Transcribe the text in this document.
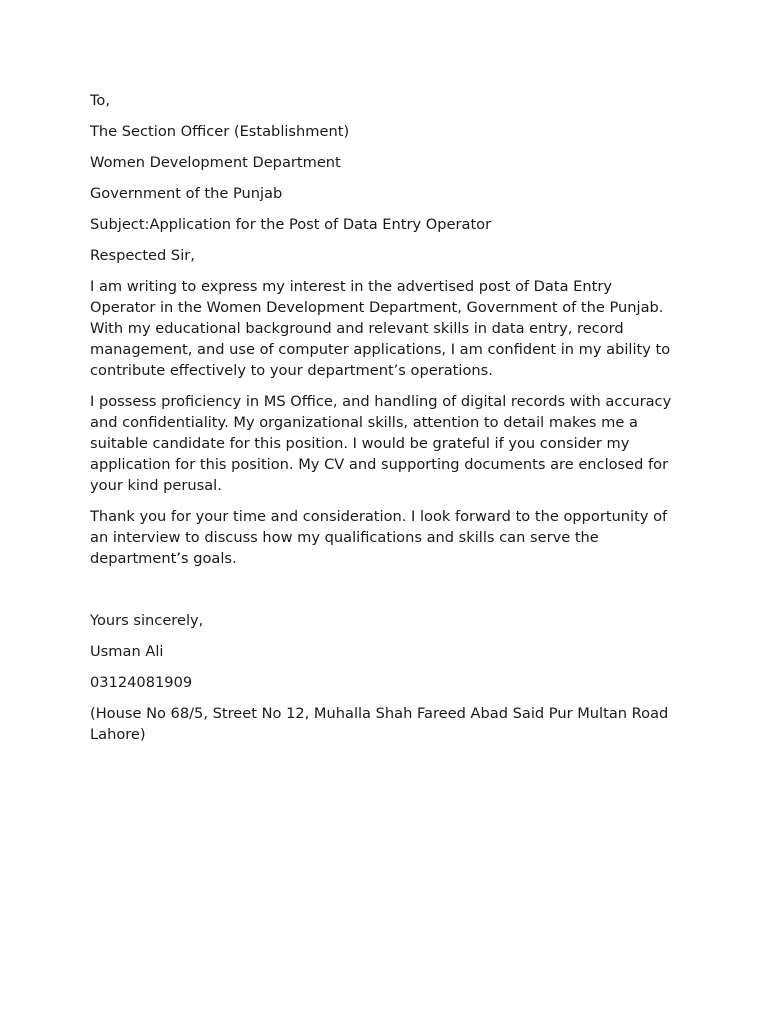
To,

The Section Officer (Establishment)

Women Development Department

Government of the Punjab

Subject:Application for the Post of Data Entry Operator

Respected Sir,

I am writing to express my interest in the advertised post of Data Entry Operator in the Women Development Department, Government of the Punjab. With my educational background and relevant skills in data entry, record management, and use of computer applications, I am confident in my ability to contribute effectively to your department’s operations.

I possess proficiency in MS Office, and handling of digital records with accuracy and confidentiality. My organizational skills, attention to detail makes me a suitable candidate for this position. I would be grateful if you consider my application for this position. My CV and supporting documents are enclosed for your kind perusal.

Thank you for your time and consideration. I look forward to the opportunity of an interview to discuss how my qualifications and skills can serve the department’s goals.

Yours sincerely,

Usman Ali

03124081909

(House No 68/5, Street No 12, Muhalla Shah Fareed Abad Said Pur Multan Road Lahore)
